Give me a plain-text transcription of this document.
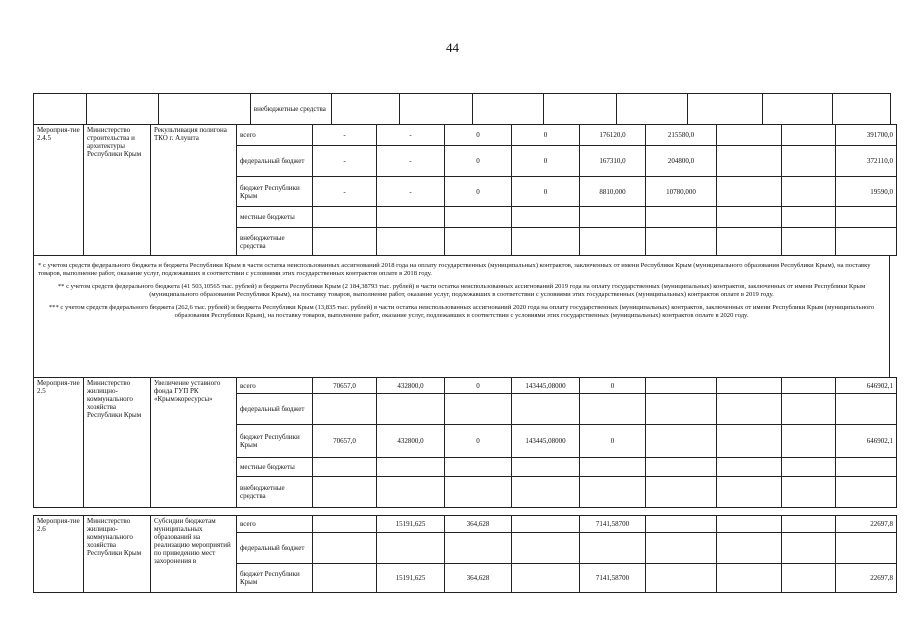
44
			внебюджетные средства								
Мероприя-тие 2.4.5	Министерство строительства и архитектуры Республики Крым	Рекультивация полигона ТКО г. Алушта	всего	-	-	0	0	176120,0	215580,0			391700,0
			федеральный бюджет	-	-	0	0	167310,0	204800,0			372110,0
			бюджет Республики Крым	-	-	0	0	8810,000	10780,000			19590,0
			местные бюджеты									
			внебюджетные средства									

* с учетом средств федерального бюджета и бюджета Республики Крым в части остатка неиспользованных ассигнований 2018 года на оплату государственных (муниципальных) контрактов, заключенных от имени Республики Крым (муниципального образования Республики Крым), на поставку товаров, выполнение работ, оказание услуг, подлежавших в соответствии с условиями этих государственных контрактов оплате в 2018 году.

** с учетом средств федерального бюджета (41 503,10565 тыс. рублей) и бюджета Республики Крым (2 184,38793 тыс. рублей) в части остатка неиспользованных ассигнований 2019 года на оплату государственных (муниципальных) контрактов, заключенных от имени Республики Крым (муниципального образования Республики Крым), на поставку товаров, выполнение работ, оказание услуг, подлежавших в соответствии с условиями этих государственных (муниципальных) контрактов оплате в 2019 году.

*** с учетом средств федерального бюджета (262,6 тыс. рублей) и бюджета Республики Крым (13,835 тыс. рублей) в части остатка неиспользованных ассигнований 2020 года на оплату государственных (муниципальных) контрактов, заключенных от имени Республики Крым (муниципального образования Республики Крым), на поставку товаров, выполнение работ, оказание услуг, подлежавших в соответствии с условиями этих государственных (муниципальных) контрактов оплате в 2020 году.

Мероприя-тие 2.5	Министерство жилищно-коммунального хозяйства Республики Крым	Увеличение уставного фонда ГУП РК «Крымэкоресурсы»	всего	70657,0	432800,0	0	143445,08000	0				646902,1
			федеральный бюджет									
			бюджет Республики Крым	70657,0	432800,0	0	143445,08000	0				646902,1
			местные бюджеты									
			внебюджетные средства									
Мероприя-тие 2.6	Министерство жилищно-коммунального хозяйства Республики Крым	Субсидии бюджетам муниципальных образований на реализацию мероприятий по приведению мест захоронения в	всего		15191,625	364,628		7141,58700				22697,8
			федеральный бюджет									
			бюджет Республики Крым		15191,625	364,628		7141,58700				22697,8
